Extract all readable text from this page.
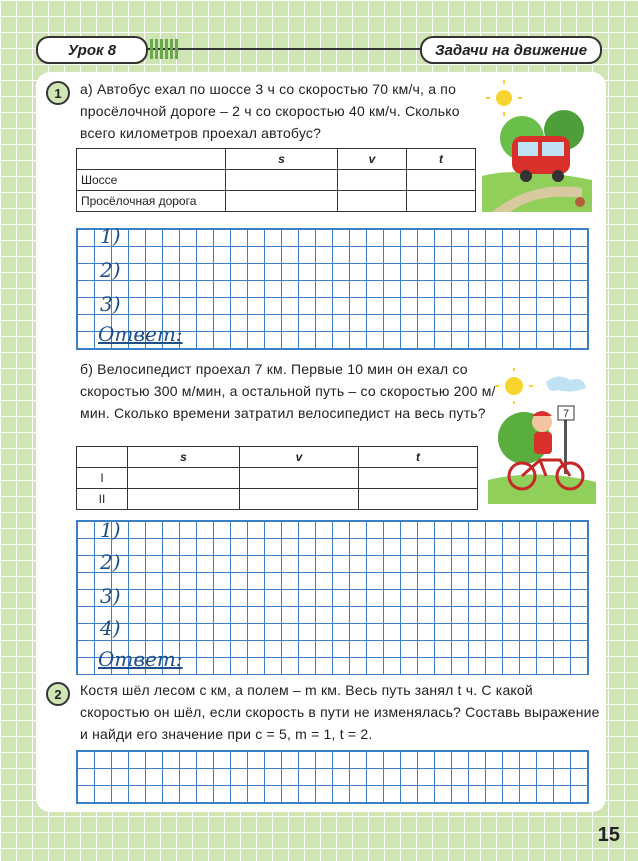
Урок 8	Задачи на движение
1	а) Автобус ехал по шоссе 3 ч со скоростью 70 км/ч, а по просёлочной дороге – 2 ч со скоростью 40 км/ч. Сколько всего километров проехал автобус?
	s	v	t
Шоссе			
Просёлочная дорога			
1)
2)
3)
Ответ:
б) Велосипедист проехал 7 км. Первые 10 мин он ехал со скоростью 300 м/мин, а остальной путь – со скоростью 200 м/мин. Сколько времени затратил велосипедист на весь путь?	7
	s	v	t
I			
II			
1)
2)
3)
4)
Ответ:
2	Костя шёл лесом c км, а полем – m км. Весь путь занял t ч. С какой скоростью он шёл, если скорость в пути не изменялась? Составь выражение и найди его значение при c = 5, m = 1, t = 2.
15
